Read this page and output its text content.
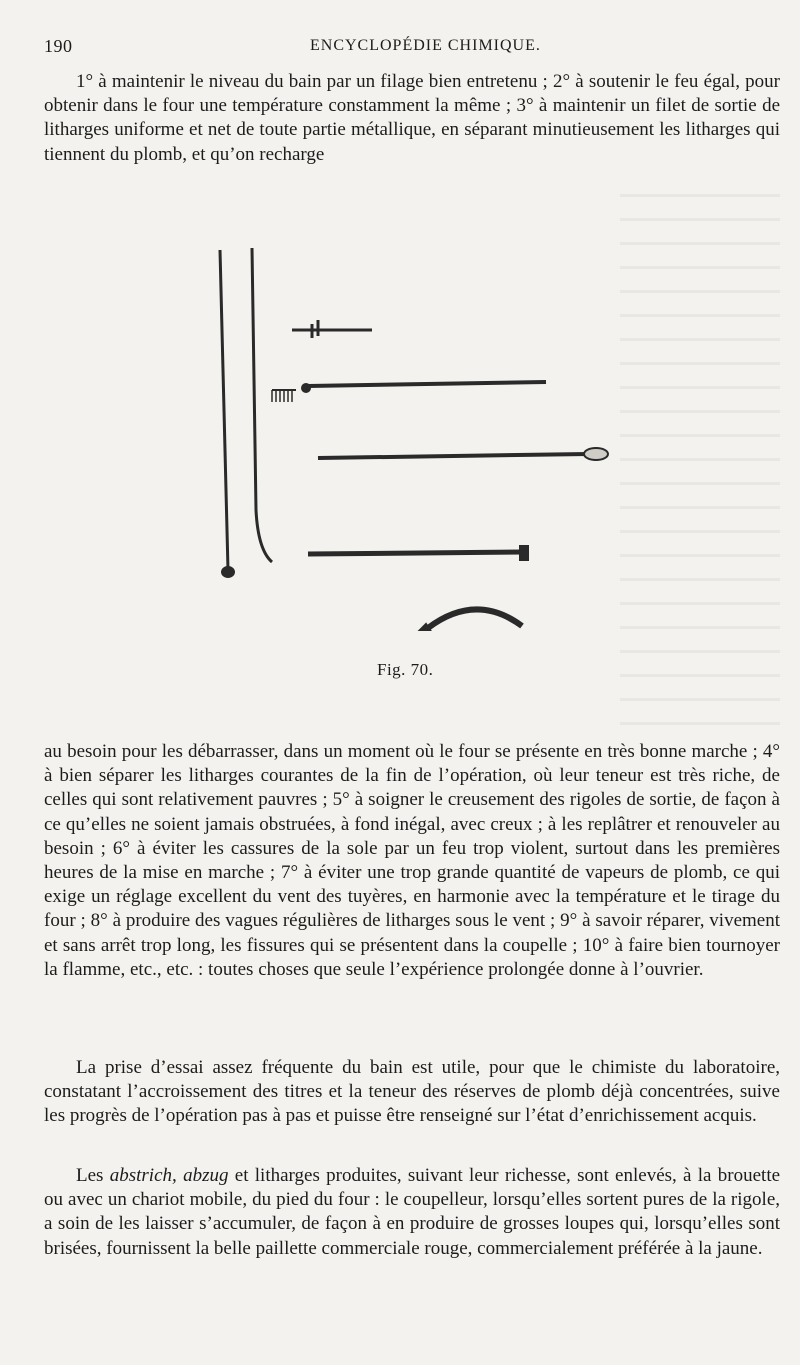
190	ENCYCLOPÉDIE CHIMIQUE.

1° à maintenir le niveau du bain par un filage bien entretenu ; 2° à soutenir le feu égal, pour obtenir dans le four une température constamment la même ; 3° à maintenir un filet de sortie de litharges uniforme et net de toute partie métallique, en séparant minutieusement les litharges qui tiennent du plomb, et qu’on recharge

Fig. 70.

au besoin pour les débarrasser, dans un moment où le four se présente en très bonne marche ; 4° à bien séparer les litharges courantes de la fin de l’opération, où leur teneur est très riche, de celles qui sont relativement pauvres ; 5° à soigner le creusement des rigoles de sortie, de façon à ce qu’elles ne soient jamais obstruées, à fond inégal, avec creux ; à les replâtrer et renouveler au besoin ; 6° à éviter les cassures de la sole par un feu trop violent, surtout dans les premières heures de la mise en marche ; 7° à éviter une trop grande quantité de vapeurs de plomb, ce qui exige un réglage excellent du vent des tuyères, en harmonie avec la température et le tirage du four ; 8° à produire des vagues régulières de litharges sous le vent ; 9° à savoir réparer, vivement et sans arrêt trop long, les fissures qui se présentent dans la coupelle ; 10° à faire bien tournoyer la flamme, etc., etc. : toutes choses que seule l’expérience prolongée donne à l’ouvrier.

La prise d’essai assez fréquente du bain est utile, pour que le chimiste du laboratoire, constatant l’accroissement des titres et la teneur des réserves de plomb déjà concentrées, suive les progrès de l’opération pas à pas et puisse être renseigné sur l’état d’enrichissement acquis.

Les abstrich, abzug et litharges produites, suivant leur richesse, sont enlevés, à la brouette ou avec un chariot mobile, du pied du four : le coupelleur, lorsqu’elles sortent pures de la rigole, a soin de les laisser s’accumuler, de façon à en produire de grosses loupes qui, lorsqu’elles sont brisées, fournissent la belle paillette commerciale rouge, commercialement préférée à la jaune.
